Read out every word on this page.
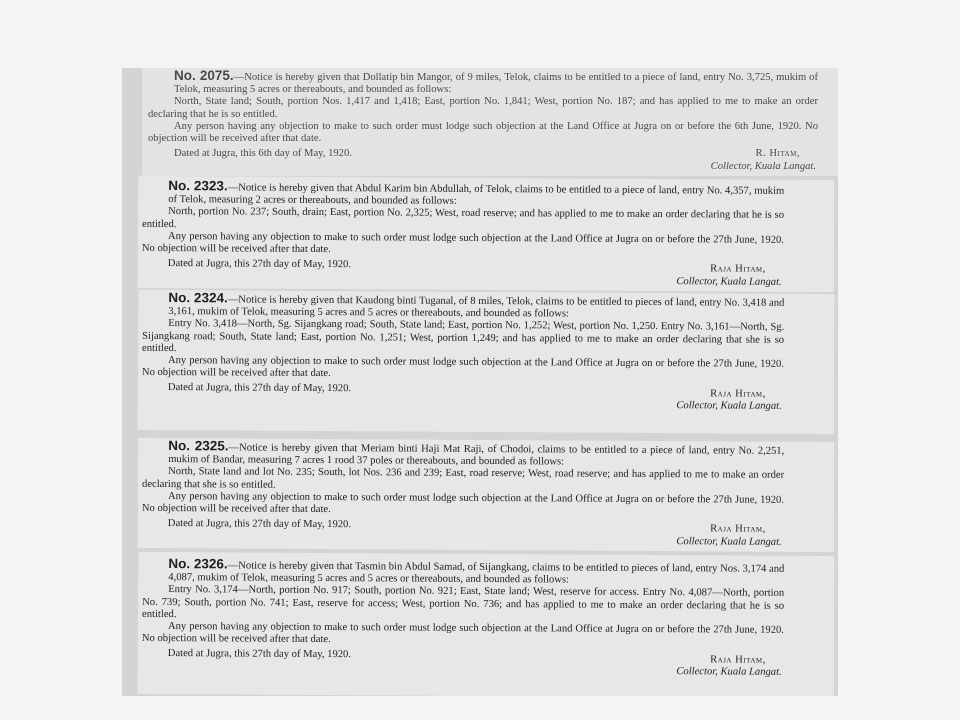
No. 2075.—Notice is hereby given that Dollatip bin Mangor, of 9 miles, Telok, claims to be entitled to a piece of land, entry No. 3,725, mukim of Telok, measuring 5 acres or thereabouts, and bounded as follows:

North, State land; South, portion Nos. 1,417 and 1,418; East, portion No. 1,841; West, portion No. 187; and has applied to me to make an order declaring that he is so entitled.

Any person having any objection to make to such order must lodge such objection at the Land Office at Jugra on or before the 6th June, 1920. No objection will be received after that date.

Dated at Jugra, this 6th day of May, 1920.	R. Hitam,
Collector, Kuala Langat.

No. 2323.—Notice is hereby given that Abdul Karim bin Abdullah, of Telok, claims to be entitled to a piece of land, entry No. 4,357, mukim of Telok, measuring 2 acres or thereabouts, and bounded as follows:

North, portion No. 237; South, drain; East, portion No. 2,325; West, road reserve; and has applied to me to make an order declaring that he is so entitled.

Any person having any objection to make to such order must lodge such objection at the Land Office at Jugra on or before the 27th June, 1920. No objection will be received after that date.

Dated at Jugra, this 27th day of May, 1920.	Raja Hitam,
Collector, Kuala Langat.

No. 2324.—Notice is hereby given that Kaudong binti Tuganal, of 8 miles, Telok, claims to be entitled to pieces of land, entry No. 3,418 and 3,161, mukim of Telok, measuring 5 acres and 5 acres or thereabouts, and bounded as follows:

Entry No. 3,418—North, Sg. Sijangkang road; South, State land; East, portion No. 1,252; West, portion No. 1,250. Entry No. 3,161—North, Sg. Sijangkang road; South, State land; East, portion No. 1,251; West, portion 1,249; and has applied to me to make an order declaring that she is so entitled.

Any person having any objection to make to such order must lodge such objection at the Land Office at Jugra on or before the 27th June, 1920. No objection will be received after that date.

Dated at Jugra, this 27th day of May, 1920.	Raja Hitam,
Collector, Kuala Langat.

No. 2325.—Notice is hereby given that Meriam binti Haji Mat Raji, of Chodoi, claims to be entitled to a piece of land, entry No. 2,251, mukim of Bandar, measuring 7 acres 1 rood 37 poles or thereabouts, and bounded as follows:

North, State land and lot No. 235; South, lot Nos. 236 and 239; East, road reserve; West, road reserve; and has applied to me to make an order declaring that she is so entitled.

Any person having any objection to make to such order must lodge such objection at the Land Office at Jugra on or before the 27th June, 1920. No objection will be received after that date.

Dated at Jugra, this 27th day of May, 1920.	Raja Hitam,
Collector, Kuala Langat.

No. 2326.—Notice is hereby given that Tasmin bin Abdul Samad, of Sijangkang, claims to be entitled to pieces of land, entry Nos. 3,174 and 4,087, mukim of Telok, measuring 5 acres and 5 acres or thereabouts, and bounded as follows:

Entry No. 3,174—North, portion No. 917; South, portion No. 921; East, State land; West, reserve for access. Entry No. 4,087—North, portion No. 739; South, portion No. 741; East, reserve for access; West, portion No. 736; and has applied to me to make an order declaring that he is so entitled.

Any person having any objection to make to such order must lodge such objection at the Land Office at Jugra on or before the 27th June, 1920. No objection will be received after that date.

Dated at Jugra, this 27th day of May, 1920.	Raja Hitam,
Collector, Kuala Langat.
